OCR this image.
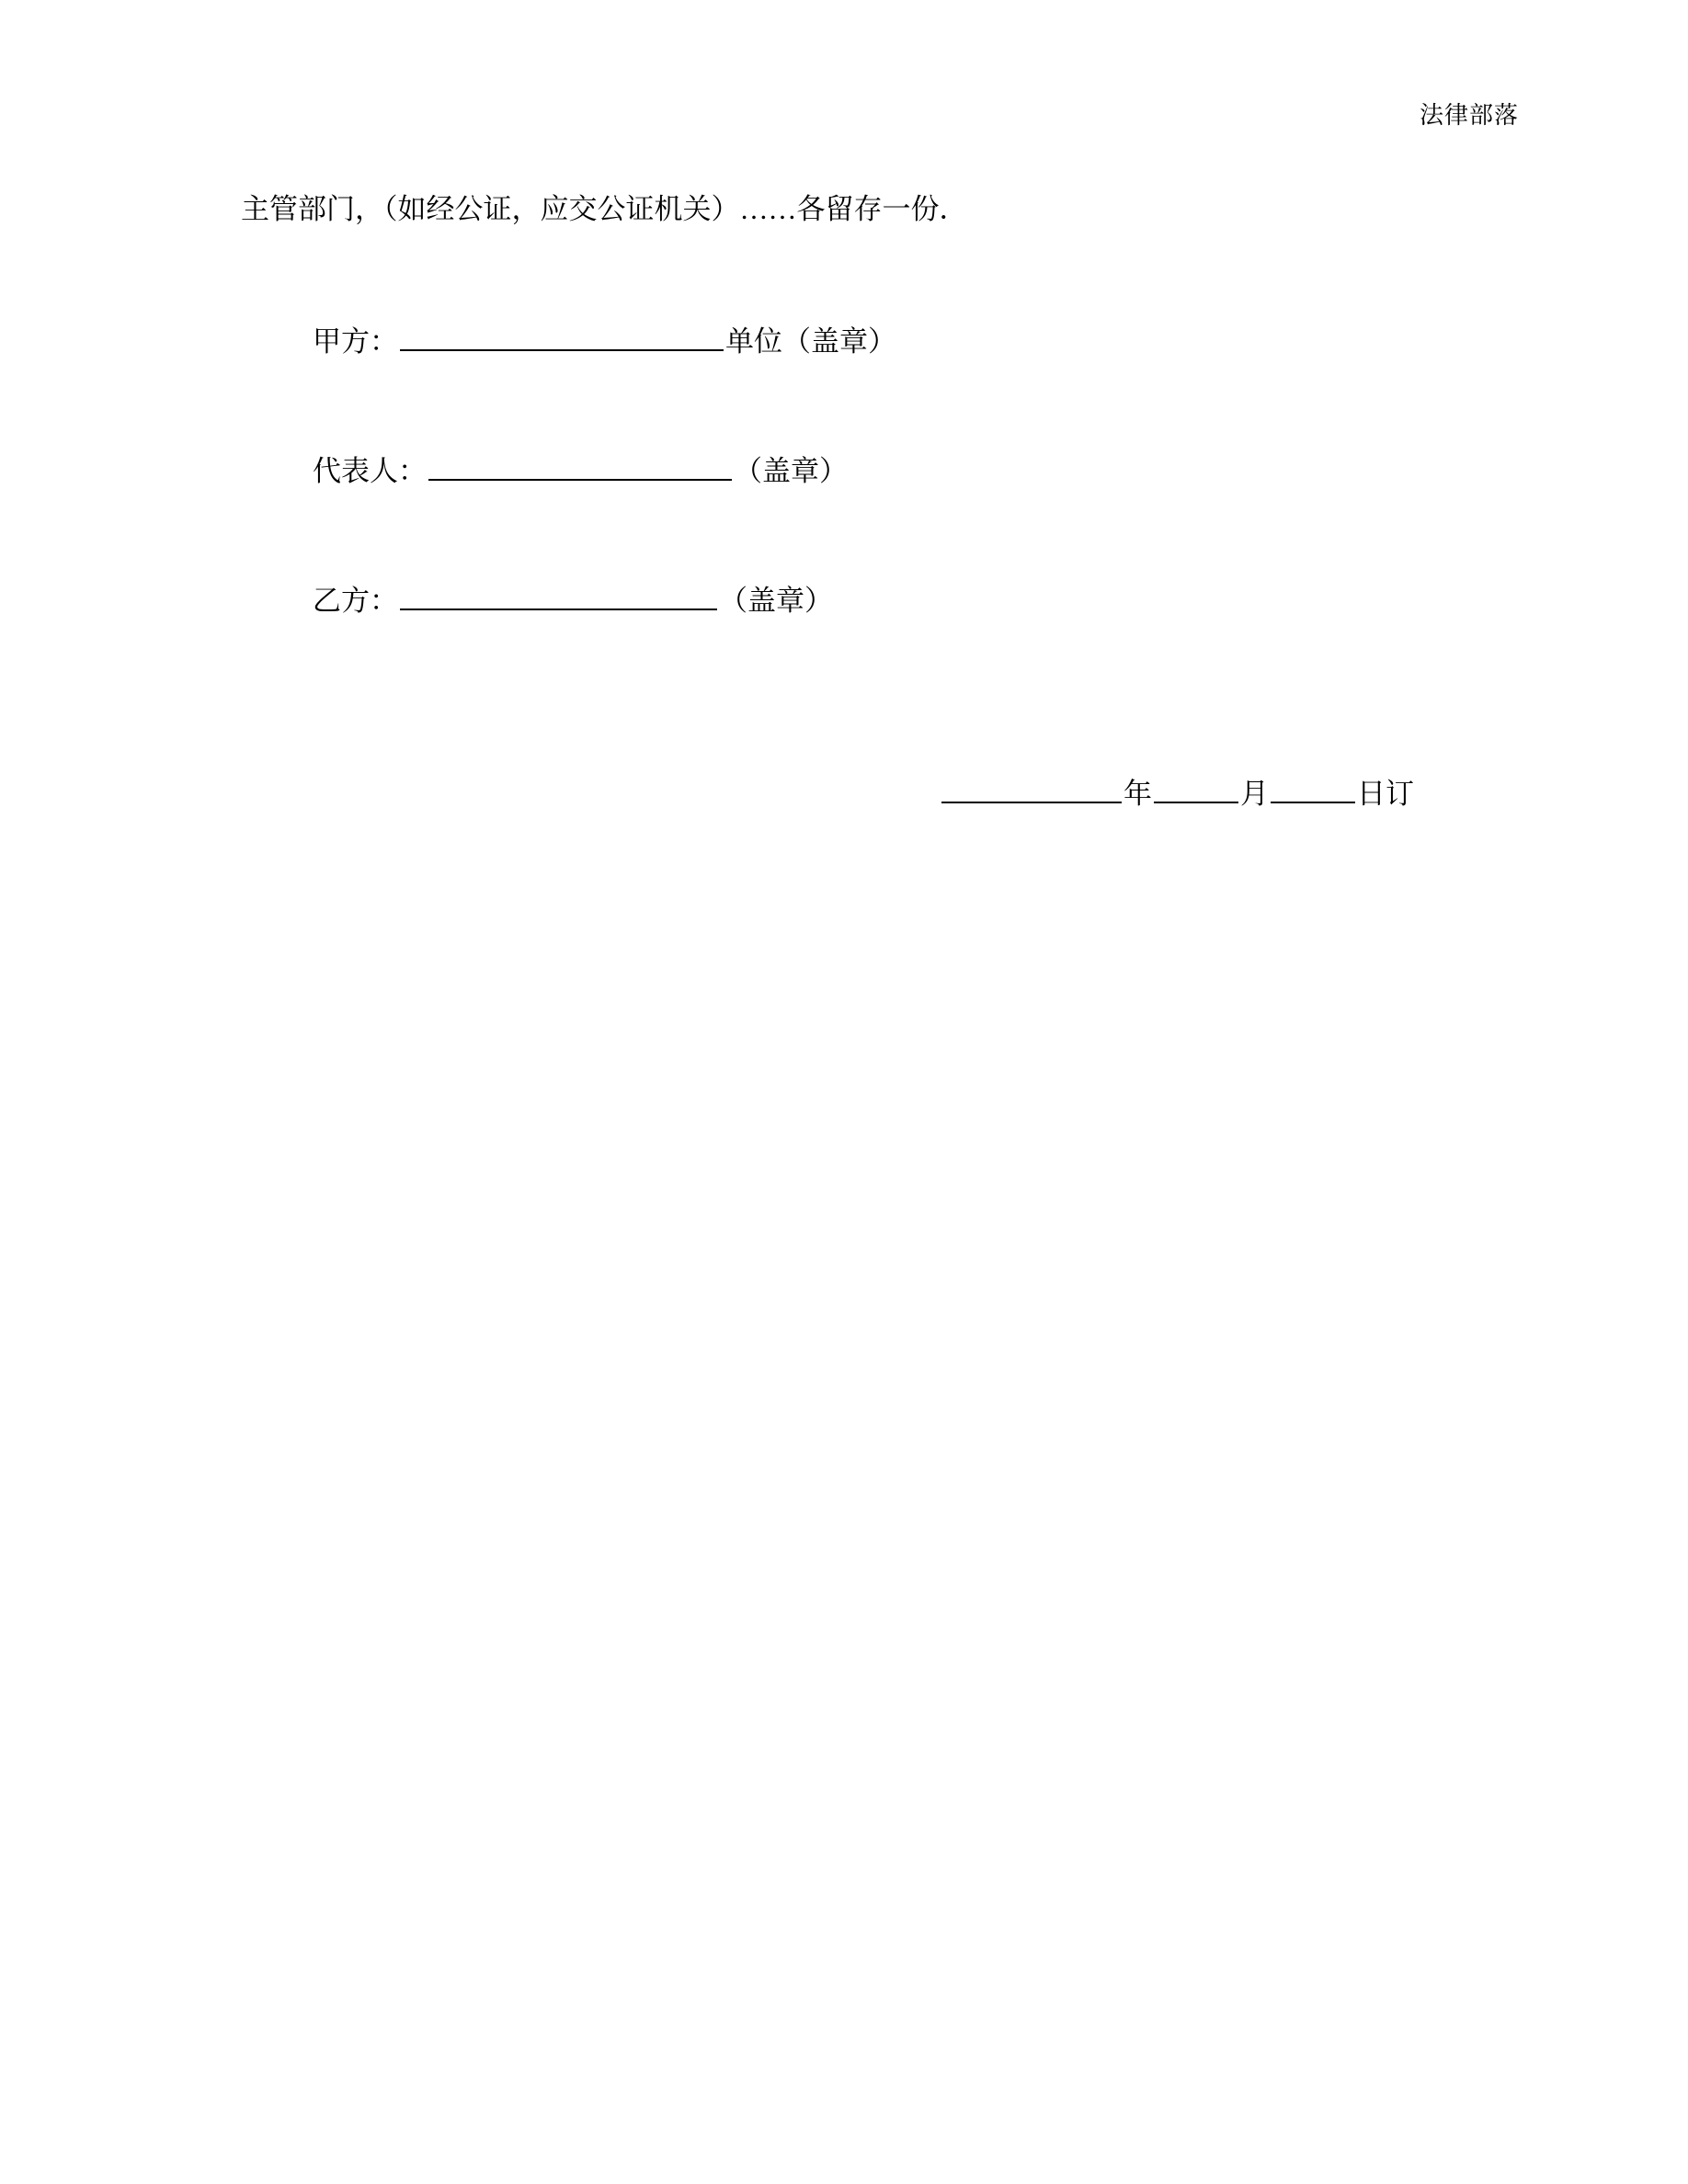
法律部落

主管部门，（如经公证，应交公证机关）……各留存一份．

甲方：	单位（盖章）
代表人：	（盖章）
乙方：	（盖章）
年	月	日订
